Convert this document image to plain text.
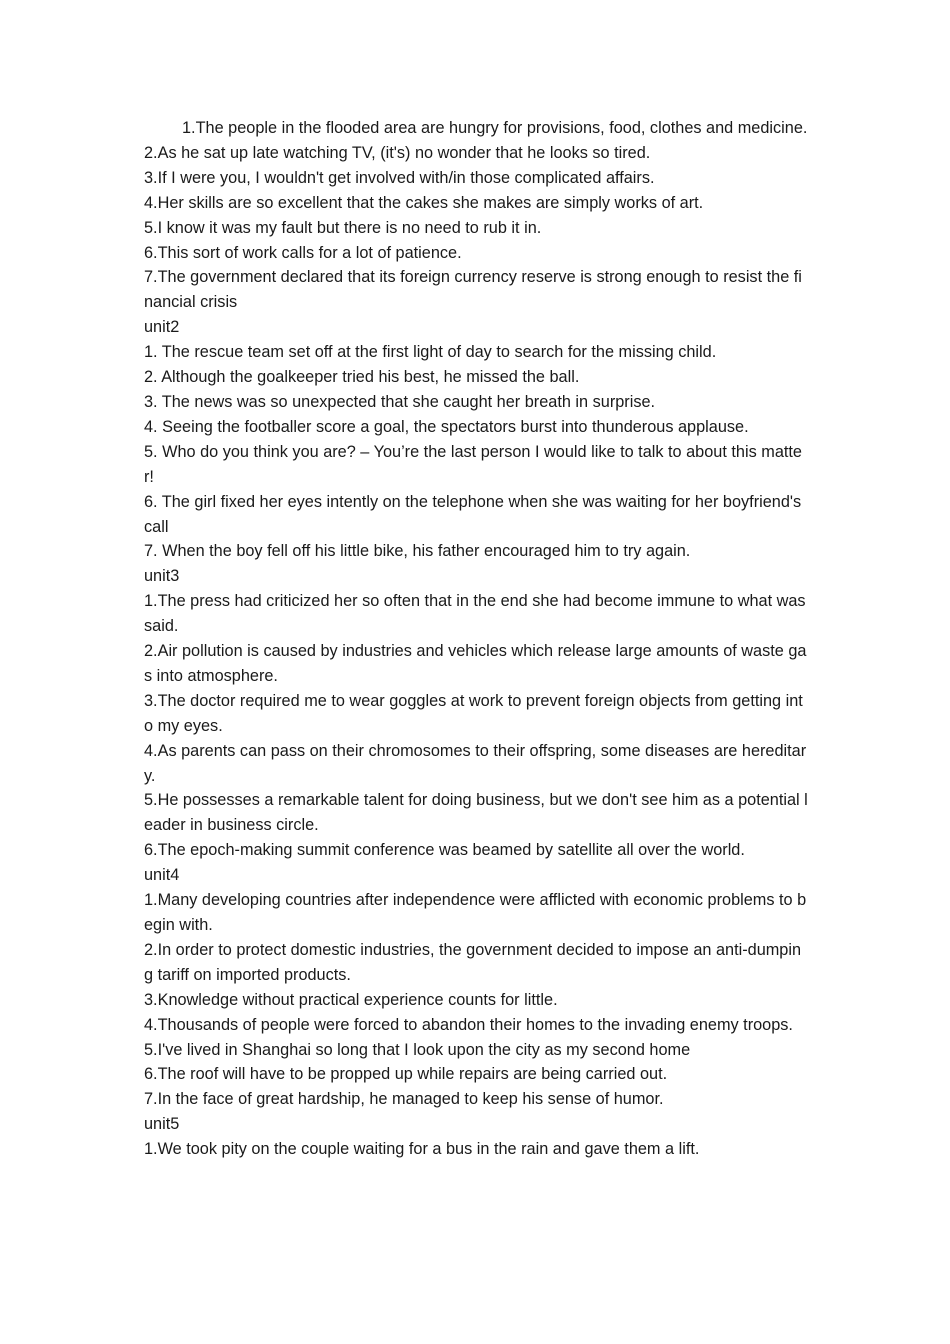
1.The people in the flooded area are hungry for provisions, food, clothes and medicine.

2.As he sat up late watching TV, (it's) no wonder that he looks so tired.

3.If I were you, I wouldn't get involved with/in those complicated affairs.

4.Her skills are so excellent that the cakes she makes are simply works of art.

5.I know it was my fault but there is no need to rub it in.

6.This sort of work calls for a lot of patience.

7.The government declared that its foreign currency reserve is strong enough to resist the financial crisis

unit2

1. The rescue team set off at the first light of day to search for the missing child.

2. Although the goalkeeper tried his best, he missed the ball.

3. The news was so unexpected that she caught her breath in surprise.

4. Seeing the footballer score a goal, the spectators burst into thunderous applause.

5. Who do you think you are? – You’re the last person I would like to talk to about this matter!

6. The girl fixed her eyes intently on the telephone when she was waiting for her boyfriend's call

7. When the boy fell off his little bike, his father encouraged him to try again.

unit3

1.The press had criticized her so often that in the end she had become immune to what was said.

2.Air pollution is caused by industries and vehicles which release large amounts of waste gas into atmosphere.

3.The doctor required me to wear goggles at work to prevent foreign objects from getting into my eyes.

4.As parents can pass on their chromosomes to their offspring, some diseases are hereditary.

5.He possesses a remarkable talent for doing business, but we don't see him as a potential leader in business circle.

6.The epoch-making summit conference was beamed by satellite all over the world.

unit4

1.Many developing countries after independence were afflicted with economic problems to begin with.

2.In order to protect domestic industries, the government decided to impose an anti-dumping tariff on imported products.

3.Knowledge without practical experience counts for little.

4.Thousands of people were forced to abandon their homes to the invading enemy troops.

5.I've lived in Shanghai so long that I look upon the city as my second home

6.The roof will have to be propped up while repairs are being carried out.

7.In the face of great hardship, he managed to keep his sense of humor.

unit5

1.We took pity on the couple waiting for a bus in the rain and gave them a lift.
